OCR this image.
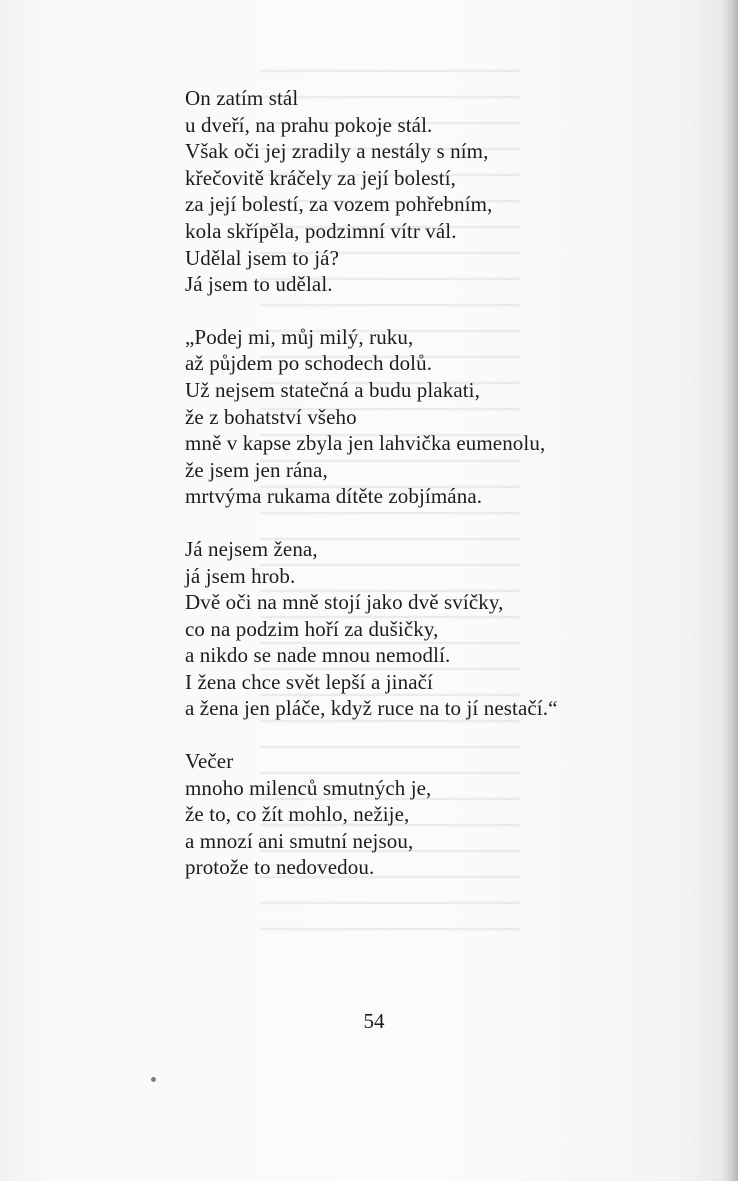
On zatím stál
u dveří, na prahu pokoje stál.
Však oči jej zradily a nestály s ním,
křečovitě kráčely za její bolestí,
za její bolestí, za vozem pohřebním,
kola skřípěla, podzimní vítr vál.
Udělal jsem to já?
Já jsem to udělal.
„Podej mi, můj milý, ruku,
až půjdem po schodech dolů.
Už nejsem statečná a budu plakati,
že z bohatství všeho
mně v kapse zbyla jen lahvička eumenolu,
že jsem jen rána,
mrtvýma rukama dítěte zobjímána.
Já nejsem žena,
já jsem hrob.
Dvě oči na mně stojí jako dvě svíčky,
co na podzim hoří za dušičky,
a nikdo se nade mnou nemodlí.
I žena chce svět lepší a jinačí
a žena jen pláče, když ruce na to jí nestačí.“
Večer
mnoho milenců smutných je,
že to, co žít mohlo, nežije,
a mnozí ani smutní nejsou,
protože to nedovedou.
54
